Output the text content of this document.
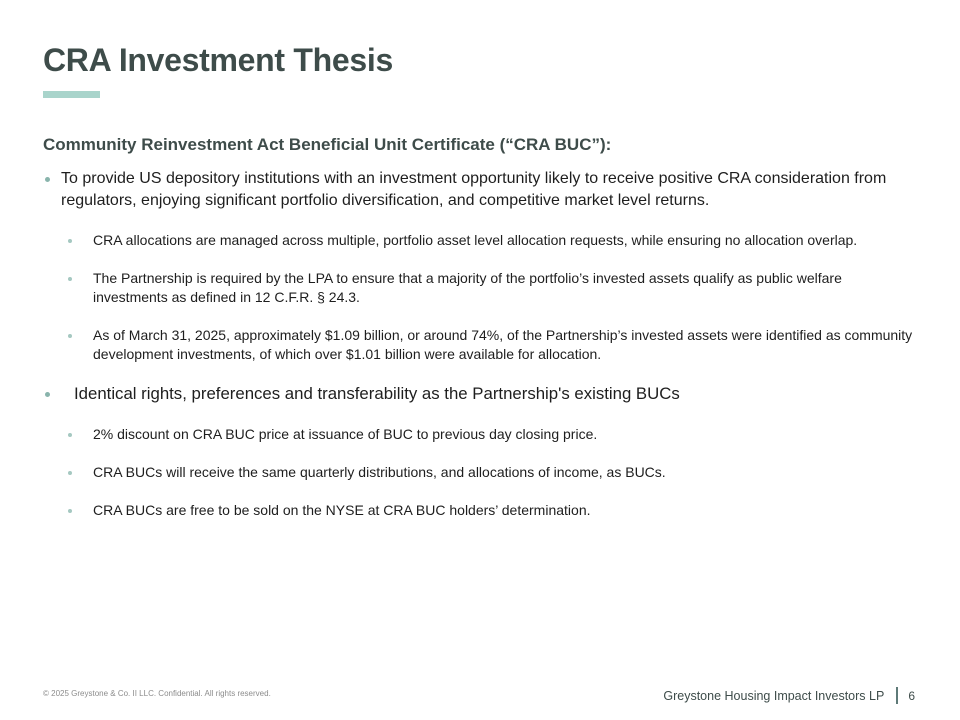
CRA Investment Thesis
Community Reinvestment Act Beneficial Unit Certificate (“CRA BUC”):
To provide US depository institutions with an investment opportunity likely to receive positive CRA consideration from regulators, enjoying significant portfolio diversification, and competitive market level returns.
CRA allocations are managed across multiple, portfolio asset level allocation requests, while ensuring no allocation overlap.
The Partnership is required by the LPA to ensure that a majority of the portfolio’s invested assets qualify as public welfare investments as defined in 12 C.F.R. § 24.3.
As of March 31, 2025, approximately $1.09 billion, or around 74%, of the Partnership’s invested assets were identified as community development investments, of which over $1.01 billion were available for allocation.
Identical rights, preferences and transferability as the Partnership's existing BUCs
2% discount on CRA BUC price at issuance of BUC to previous day closing price.
CRA BUCs will receive the same quarterly distributions, and allocations of income, as BUCs.
CRA BUCs are free to be sold on the NYSE at CRA BUC holders’ determination.
© 2025 Greystone & Co. II LLC. Confidential. All rights reserved.	Greystone Housing Impact Investors LP 6
